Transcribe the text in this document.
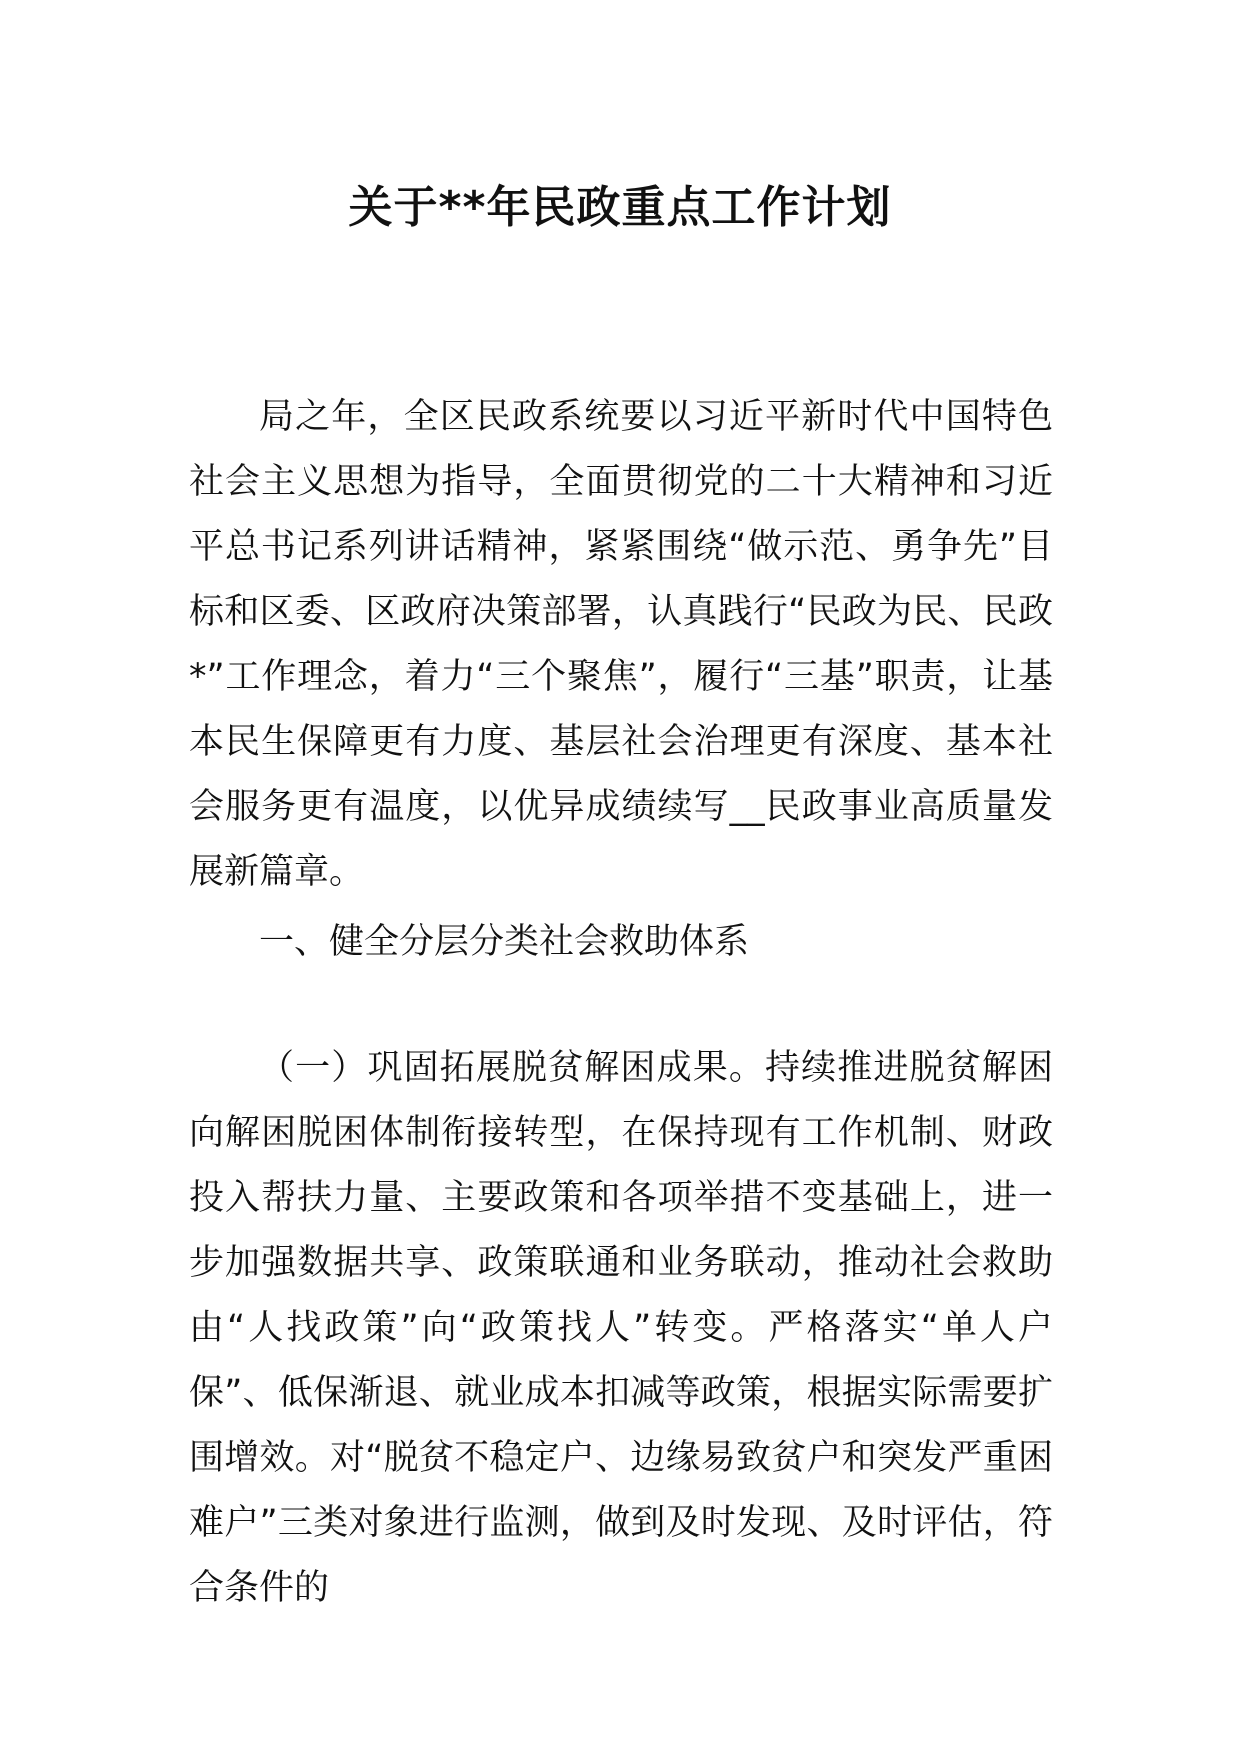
关于**年民政重点工作计划

局之年，全区民政系统要以习近平新时代中国特色社会主义思想为指导，全面贯彻党的二十大精神和习近平总书记系列讲话精神，紧紧围绕“做示范、勇争先”目标和区委、区政府决策部署，认真践行“民政为民、民政*”工作理念，着力“三个聚焦”，履行“三基”职责，让基本民生保障更有力度、基层社会治理更有深度、基本社会服务更有温度，以优异成绩续写__民政事业高质量发展新篇章。

一、健全分层分类社会救助体系

（一）巩固拓展脱贫解困成果。持续推进脱贫解困向解困脱困体制衔接转型，在保持现有工作机制、财政投入帮扶力量、主要政策和各项举措不变基础上，进一步加强数据共享、政策联通和业务联动，推动社会救助由“人找政策”向“政策找人”转变。严格落实“单人户保”、低保渐退、就业成本扣减等政策，根据实际需要扩围增效。对“脱贫不稳定户、边缘易致贫户和突发严重困难户”三类对象进行监测，做到及时发现、及时评估，符合条件的
